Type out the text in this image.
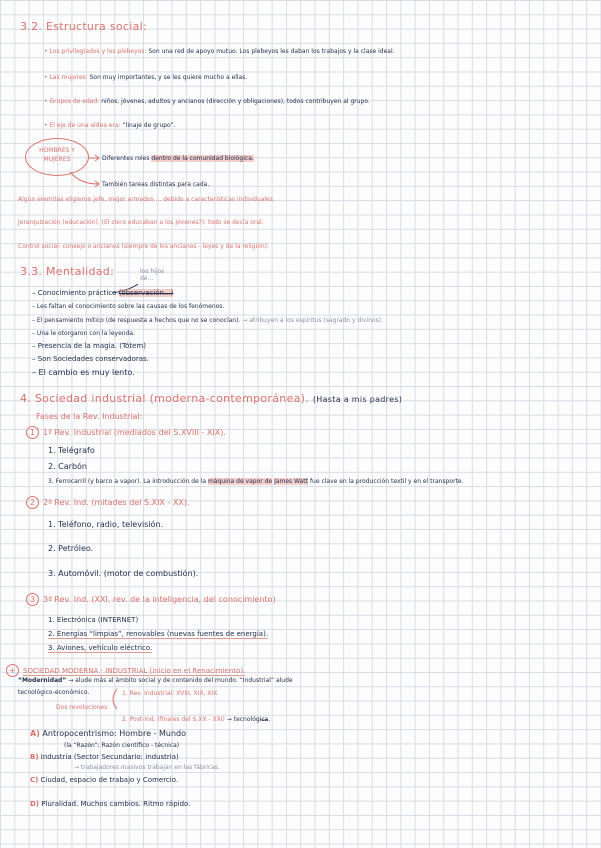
3.2. Estructura social:
• Los privilegiados y los plebeyos: Son una red de apoyo mutuo. Los plebeyos les daban los trabajos y la clase ideal.
• Las mujeres: Son muy importantes, y se les quiere mucho a ellas.
• Grupos de edad: niños, jóvenes, adultos y ancianos (dirección y obligaciones), todos contribuyen al grupo.
• El eje de una aldea era: “linaje de grupo”.
HOMBRES Y MUJERES	Diferentes roles dentro de la comunidad biológica.
También tareas distintas para cada.
Algún eremitas eligieron jefe, mejor armados ... debido a características individuales.
Jerarquización (educación). (El clero educaban a los jóvenes?): todo se decía oral.
Control social: consejo o ancianos (siempre de los ancianos - leyes y de la religión).
3.3. Mentalidad:	los hijos de...
– Conocimiento práctico (observación...)
– Les faltan el conocimiento sobre las causas de los fenómenos.
– El pensamiento mítico (de respuesta a hechos que no se conocían). → atribuyen a los espíritus (sagrado y divinos).
– Una le otorgaron con la leyenda.
– Presencia de la magia. (Tótem)
– Son Sociedades conservadoras.
– El cambio es muy lento.
4. Sociedad industrial (moderna-contemporánea). (Hasta a mis padres)
Fases de la Rev. Industrial:
1 1ª Rev. Industrial (mediados del S.XVIII - XIX).
1. Telégrafo
2. Carbón
3. Ferrocarril (y barco a vapor). La introducción de la máquina de vapor de James Watt fue clave en la producción textil y en el transporte.
2 2ª Rev. Ind. (mitades del S.XIX - XX).
1. Teléfono, radio, televisión.
2. Petróleo.
3. Automóvil. (motor de combustión).
3 3ª Rev. Ind. (XXI, rev. de la inteligencia, del conocimiento)
1. Electrónica (INTERNET)
2. Energías “limpias”, renovables (nuevas fuentes de energía).
3. Aviones, vehículo eléctrico.
+ SOCIEDAD MODERNA - INDUSTRIAL (inicio en el Renacimiento).
“Modernidad” → alude más al ámbito social y de contenido del mundo. “Industrial” alude
tecnológico-económico.
Dos revoluciones
1. Rev. Industrial: XVIII, XIX, XIX
2. Post-Ind. (finales del S.XX - XXI) → tecnológica.
A) Antropocentrismo: Hombre - Mundo
(la “Razón”: Razón científico - técnica)
B) Industria (Sector Secundario: industria)
→ trabajadores masivos trabajan en las fábricas.
C) Ciudad, espacio de trabajo y Comercio.
D) Pluralidad. Muchos cambios. Ritmo rápido.
